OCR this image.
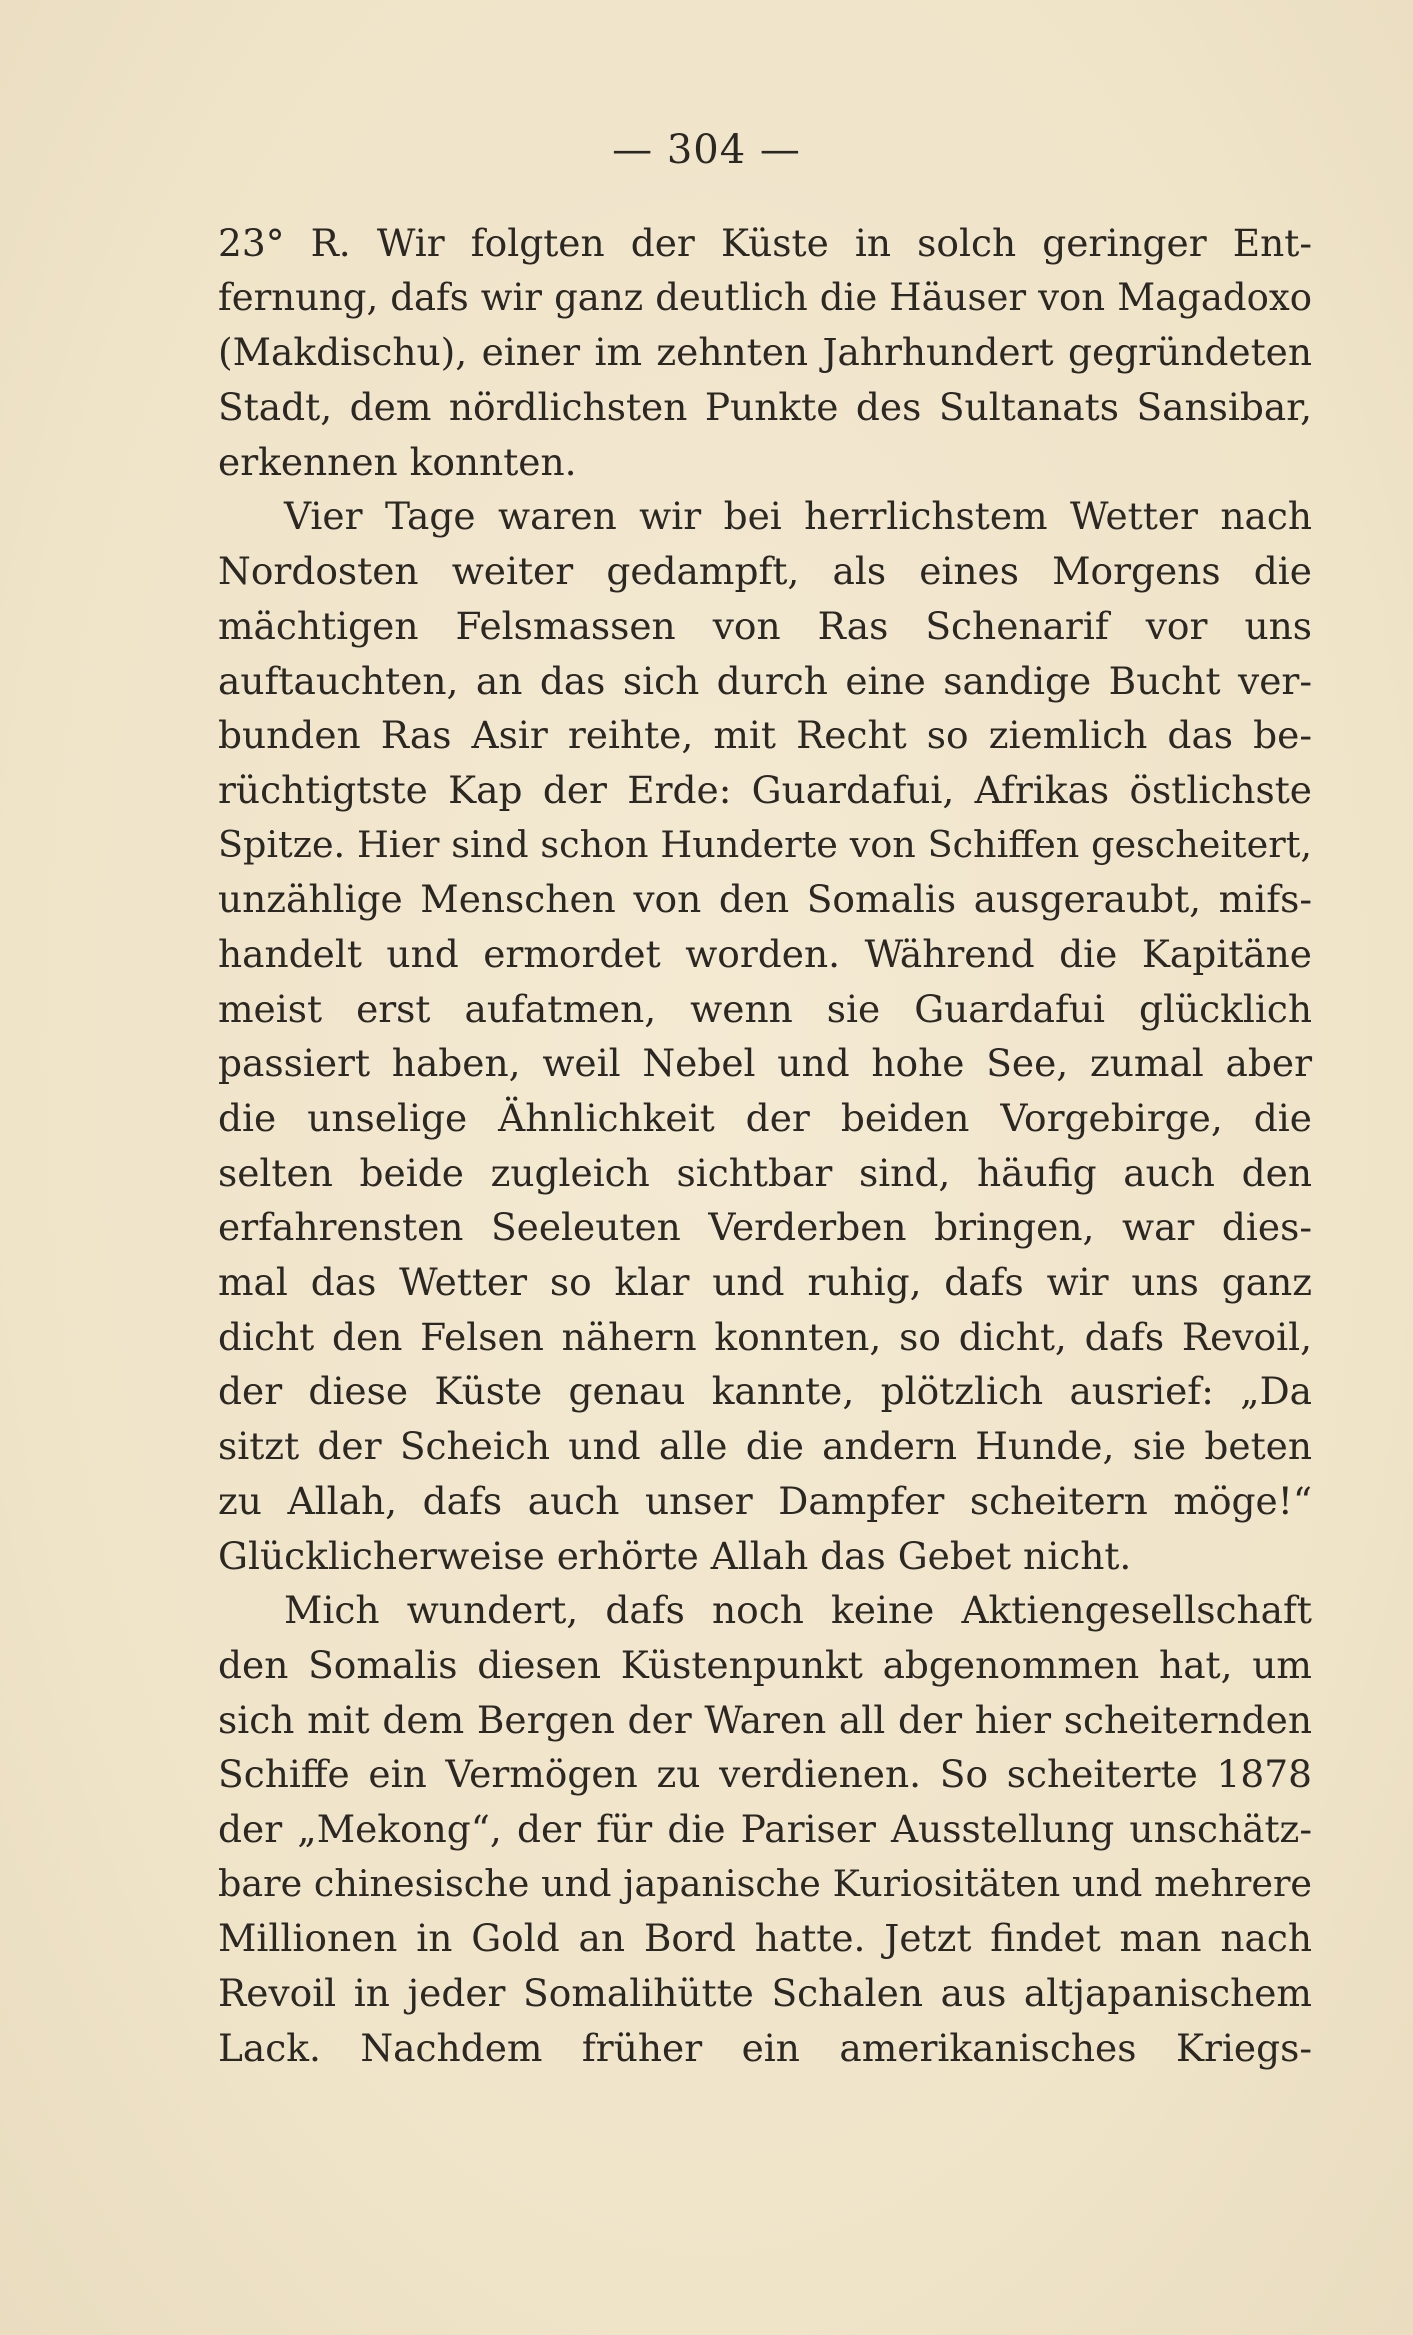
— 304 —
23° R. Wir folgten der Küste in solch geringer Ent-
fernung, dafs wir ganz deutlich die Häuser von Magadoxo
(Makdischu), einer im zehnten Jahrhundert gegründeten
Stadt, dem nördlichsten Punkte des Sultanats Sansibar,
erkennen konnten.
Vier Tage waren wir bei herrlichstem Wetter nach
Nordosten weiter gedampft, als eines Morgens die
mächtigen Felsmassen von Ras Schenarif vor uns
auftauchten, an das sich durch eine sandige Bucht ver-
bunden Ras Asir reihte, mit Recht so ziemlich das be-
rüchtigtste Kap der Erde: Guardafui, Afrikas östlichste
Spitze. Hier sind schon Hunderte von Schiffen gescheitert,
unzählige Menschen von den Somalis ausgeraubt, mifs-
handelt und ermordet worden. Während die Kapitäne
meist erst aufatmen, wenn sie Guardafui glücklich
passiert haben, weil Nebel und hohe See, zumal aber
die unselige Ähnlichkeit der beiden Vorgebirge, die
selten beide zugleich sichtbar sind, häufig auch den
erfahrensten Seeleuten Verderben bringen, war dies-
mal das Wetter so klar und ruhig, dafs wir uns ganz
dicht den Felsen nähern konnten, so dicht, dafs Revoil,
der diese Küste genau kannte, plötzlich ausrief: „Da
sitzt der Scheich und alle die andern Hunde, sie beten
zu Allah, dafs auch unser Dampfer scheitern möge!“
Glücklicherweise erhörte Allah das Gebet nicht.
Mich wundert, dafs noch keine Aktiengesellschaft
den Somalis diesen Küstenpunkt abgenommen hat, um
sich mit dem Bergen der Waren all der hier scheiternden
Schiffe ein Vermögen zu verdienen. So scheiterte 1878
der „Mekong“, der für die Pariser Ausstellung unschätz-
bare chinesische und japanische Kuriositäten und mehrere
Millionen in Gold an Bord hatte. Jetzt findet man nach
Revoil in jeder Somalihütte Schalen aus altjapanischem
Lack. Nachdem früher ein amerikanisches Kriegs-
